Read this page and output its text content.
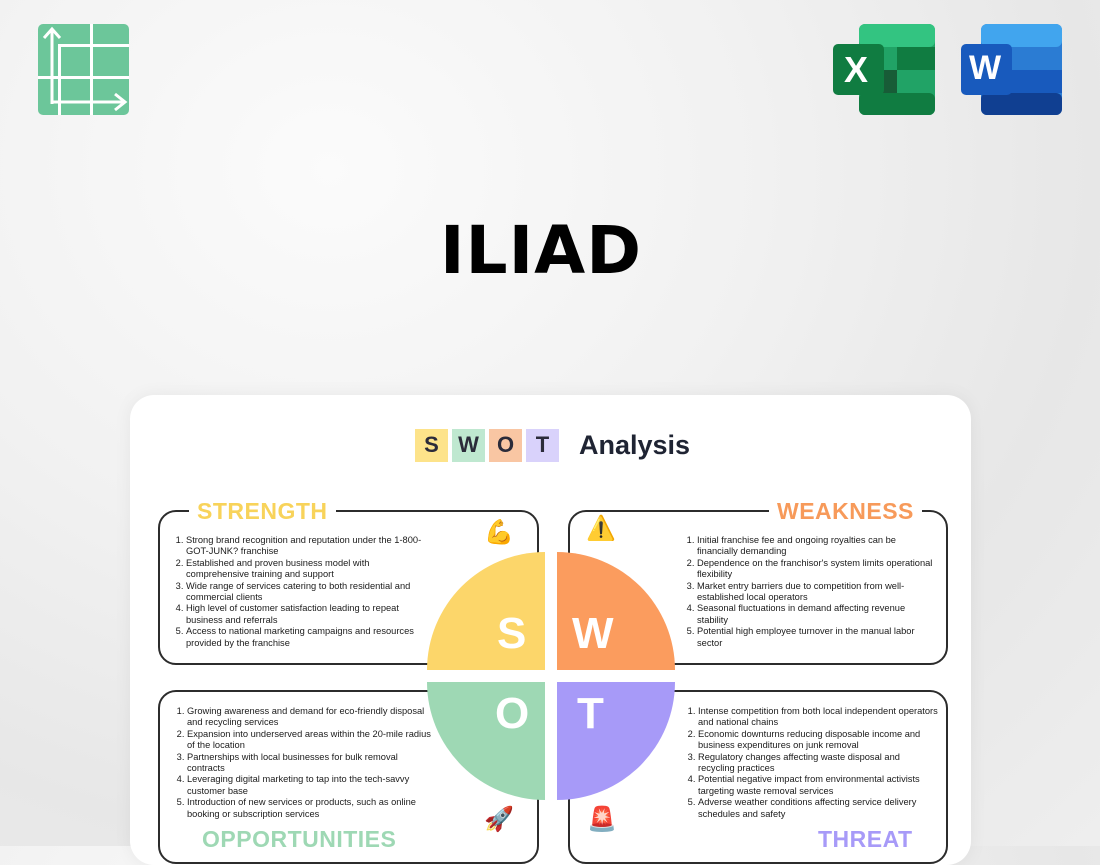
X	W
ILIAD
S W O T	Analysis
S W
O T
STRENGTH	WEAKNESS
OPPORTUNITIES	THREAT
💪	⚠️
🚀	🚨
1. Strong brand recognition and reputation under the 1-800-GOT-JUNK? franchise
2. Established and proven business model with comprehensive training and support
3. Wide range of services catering to both residential and commercial clients
4. High level of customer satisfaction leading to repeat business and referrals
5. Access to national marketing campaigns and resources provided by the franchise
1. Initial franchise fee and ongoing royalties can be financially demanding
2. Dependence on the franchisor's system limits operational flexibility
3. Market entry barriers due to competition from well-established local operators
4. Seasonal fluctuations in demand affecting revenue stability
5. Potential high employee turnover in the manual labor sector
1. Growing awareness and demand for eco-friendly disposal and recycling services
2. Expansion into underserved areas within the 20-mile radius of the location
3. Partnerships with local businesses for bulk removal contracts
4. Leveraging digital marketing to tap into the tech-savvy customer base
5. Introduction of new services or products, such as online booking or subscription services
1. Intense competition from both local independent operators and national chains
2. Economic downturns reducing disposable income and business expenditures on junk removal
3. Regulatory changes affecting waste disposal and recycling practices
4. Potential negative impact from environmental activists targeting waste removal services
5. Adverse weather conditions affecting service delivery schedules and safety
